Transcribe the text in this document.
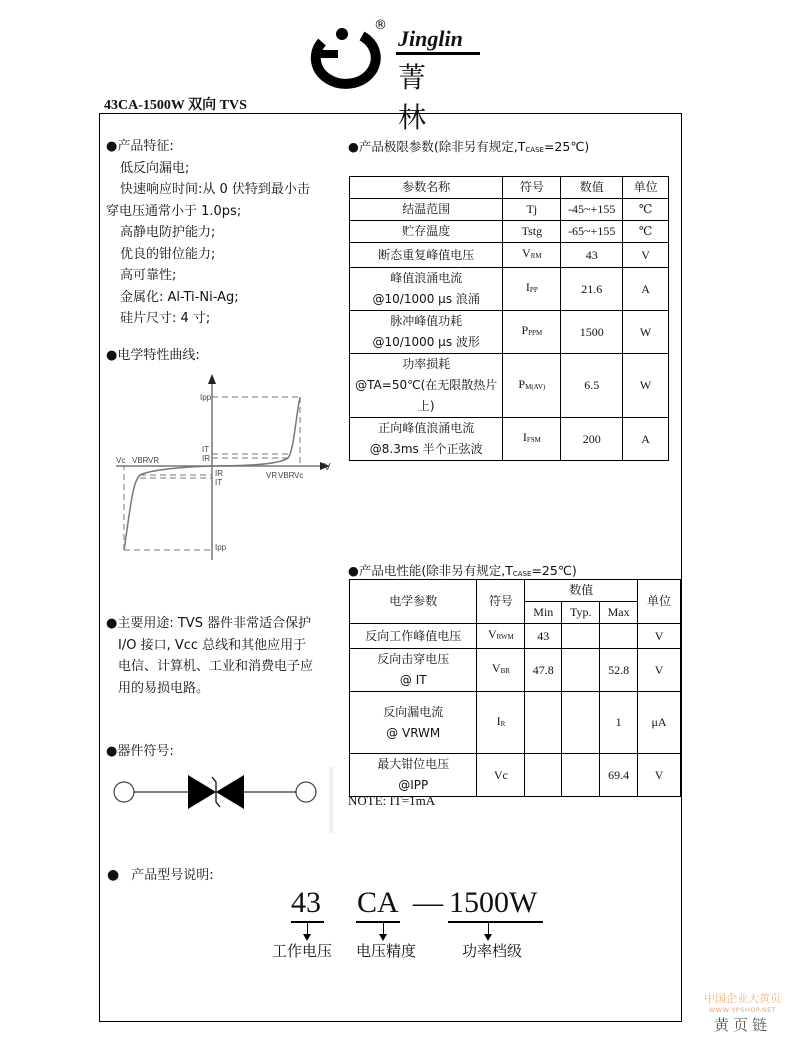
®
Jinglin
菁林
43CA-1500W 双向 TVS
●产品特征:
低反向漏电;
快速响应时间:从 0 伏特到最小击
穿电压通常小于 1.0ps;
高静电防护能力;
优良的钳位能力;
高可靠性;
金属化: Al-Ti-Ni-Ag;
硅片尺寸: 4 寸;
●电学特性曲线:
Ipp
IT
IR
IR
IT
Ipp
Vc VBR VR
VR VBR Vc
V
●产品极限参数(除非另有规定$,T_{CASE}=25℃$)
参数名称	符号	数值	单位

结温范围	Tj	-45~+155	℃

贮存温度	Tstg	-65~+155	℃

断态重复峰值电压	$V_{RM}$	43	V

峰值浪涌电流
@10/1000 μs 浪涌	$I_{PP}$	21.6	A

脉冲峰值功耗
@10/1000 μs 波形	$P_{PPM}$	1500	W

功率损耗
@TA=50℃(在无限散热片
上)	$P_{M(AV)}$	6.5	W

正向峰值浪涌电流
@8.3ms 半个正弦波	$I_{FSM}$	200	A
●产品电性能(除非另有规定$,T_{CASE}=25℃$)
电学参数	符号	数值			单位
		Min	Typ.	Max	

反向工作峰值电压	$V_{RWM}$	43			V

反向击穿电压
@ IT	$V_{BR}$	47.8		52.8	V

反向漏电流
@ VRWM	$I_R$			1	μA

最大钳位电压
@IPP	Vc			69.4	V
NOTE: IT=1mA
●主要用途: TVS 器件非常适合保护
I/O 接口, Vcc 总线和其他应用于
电信、计算机、工业和消费电子应
用的易损电路。
●器件符号:
● 产品型号说明:
43 CA — 1500W
工作电压 电压精度	功率档级
中国企业大黄页
WWW.YPSHOP.NET
黄页链
